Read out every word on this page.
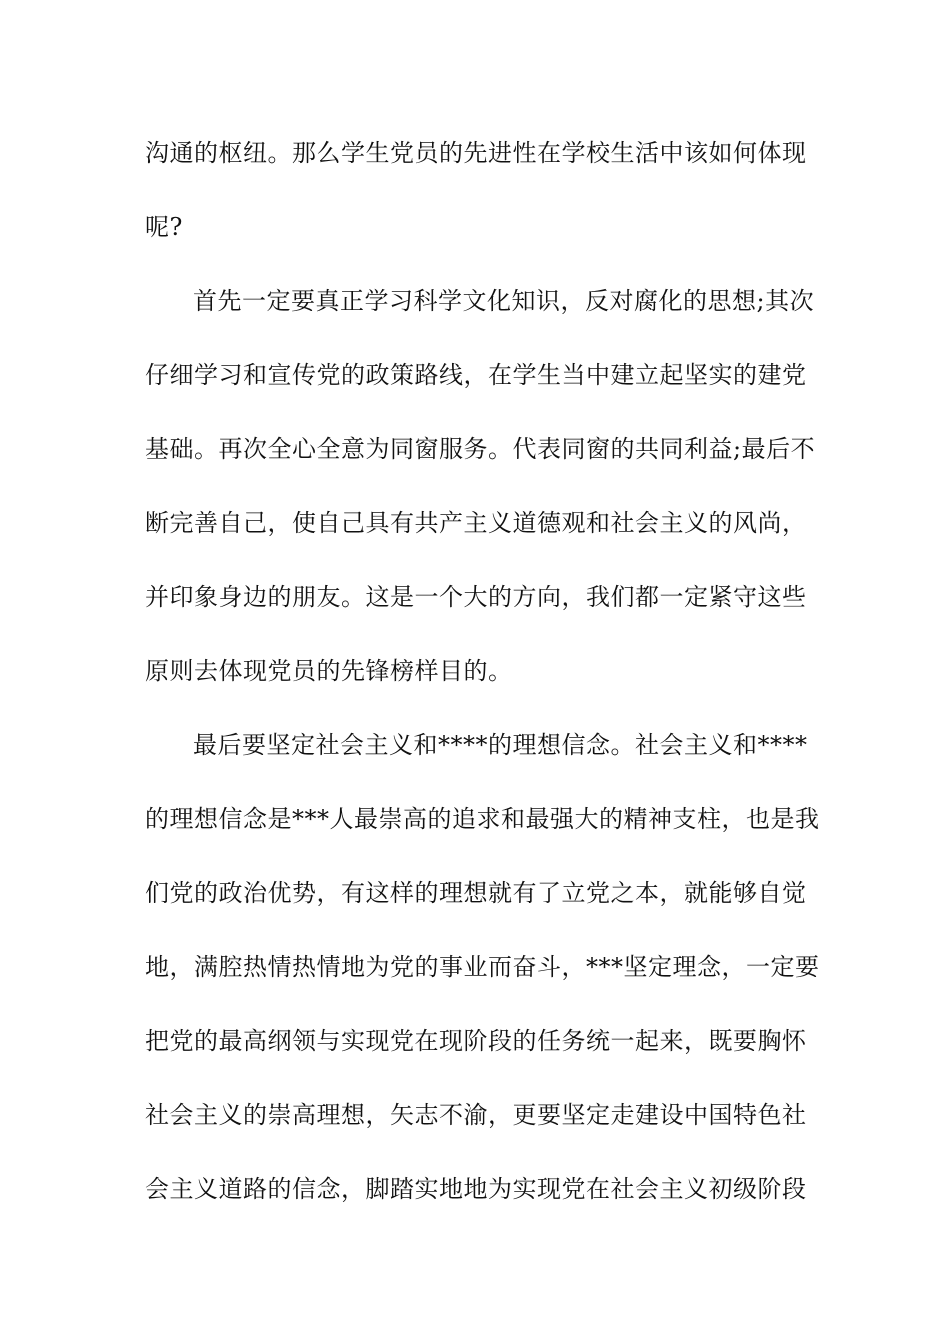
沟通的枢纽。那么学生党员的先进性在学校生活中该如何体现
呢?
首先一定要真正学习科学文化知识，反对腐化的思想;其次
仔细学习和宣传党的政策路线，在学生当中建立起坚实的建党
基础。再次全心全意为同窗服务。代表同窗的共同利益;最后不
断完善自己，使自己具有共产主义道德观和社会主义的风尚，
并印象身边的朋友。这是一个大的方向，我们都一定紧守这些
原则去体现党员的先锋榜样目的。
最后要坚定社会主义和****的理想信念。社会主义和****
的理想信念是***人最崇高的追求和最强大的精神支柱，也是我
们党的政治优势，有这样的理想就有了立党之本，就能够自觉
地，满腔热情热情地为党的事业而奋斗，***坚定理念，一定要
把党的最高纲领与实现党在现阶段的任务统一起来，既要胸怀
社会主义的崇高理想，矢志不渝，更要坚定走建设中国特色社
会主义道路的信念，脚踏实地地为实现党在社会主义初级阶段
